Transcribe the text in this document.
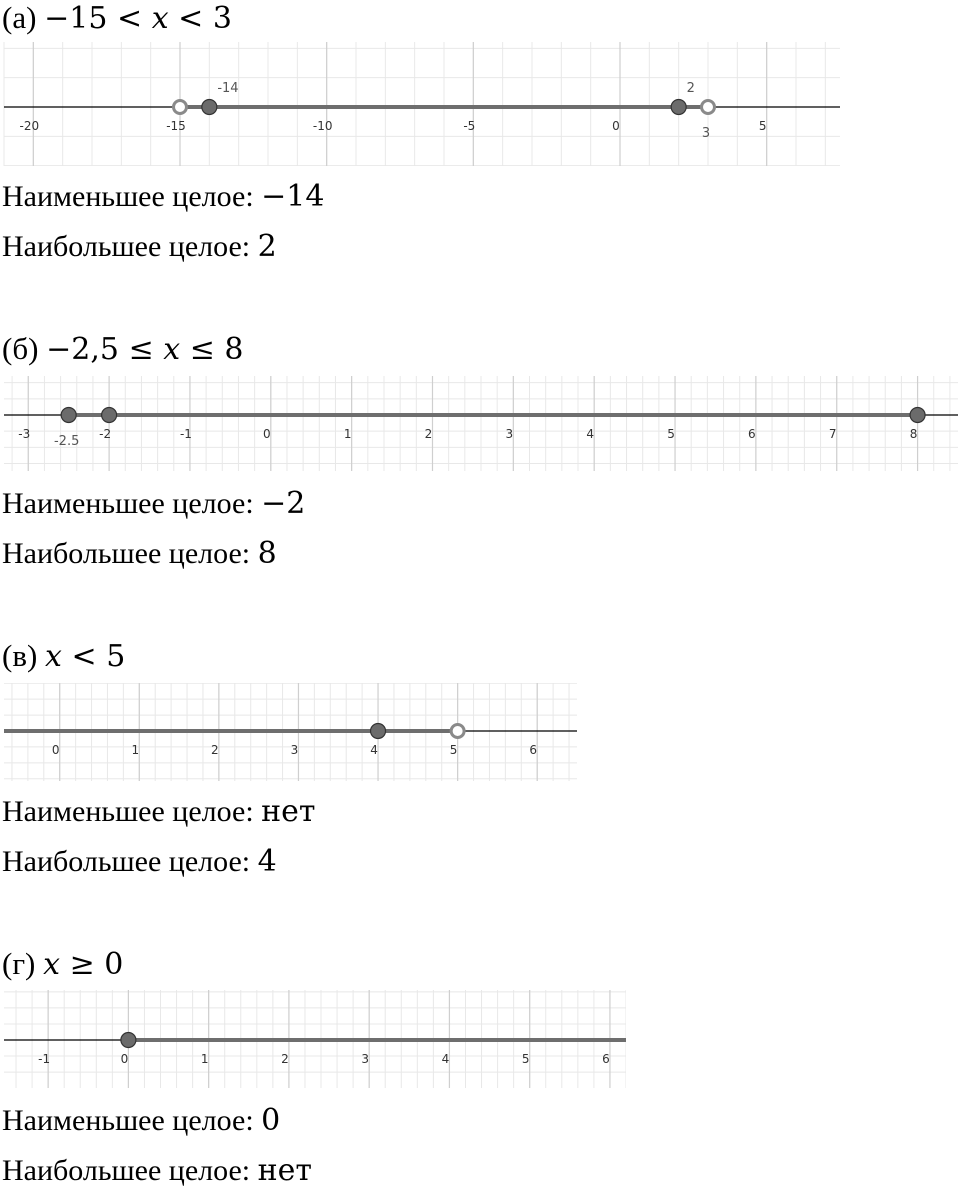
(а) −15 < x < 3
-20	-15	-10	-5	0	5
-14	2
3
Наименьшее целое: −14
Наибольшее целое: 2
(б) −2,5 ≤ x ≤ 8
-3	-2	-1	0	1	2	3	4	5	6	7	8
-2.5
Наименьшее целое: −2
Наибольшее целое: 8
(в) x < 5
0	1	2	3	4	5	6
Наименьшее целое: нет
Наибольшее целое: 4
(г) x ≥ 0
-1	0	1	2	3	4	5	6
Наименьшее целое: 0
Наибольшее целое: нет
